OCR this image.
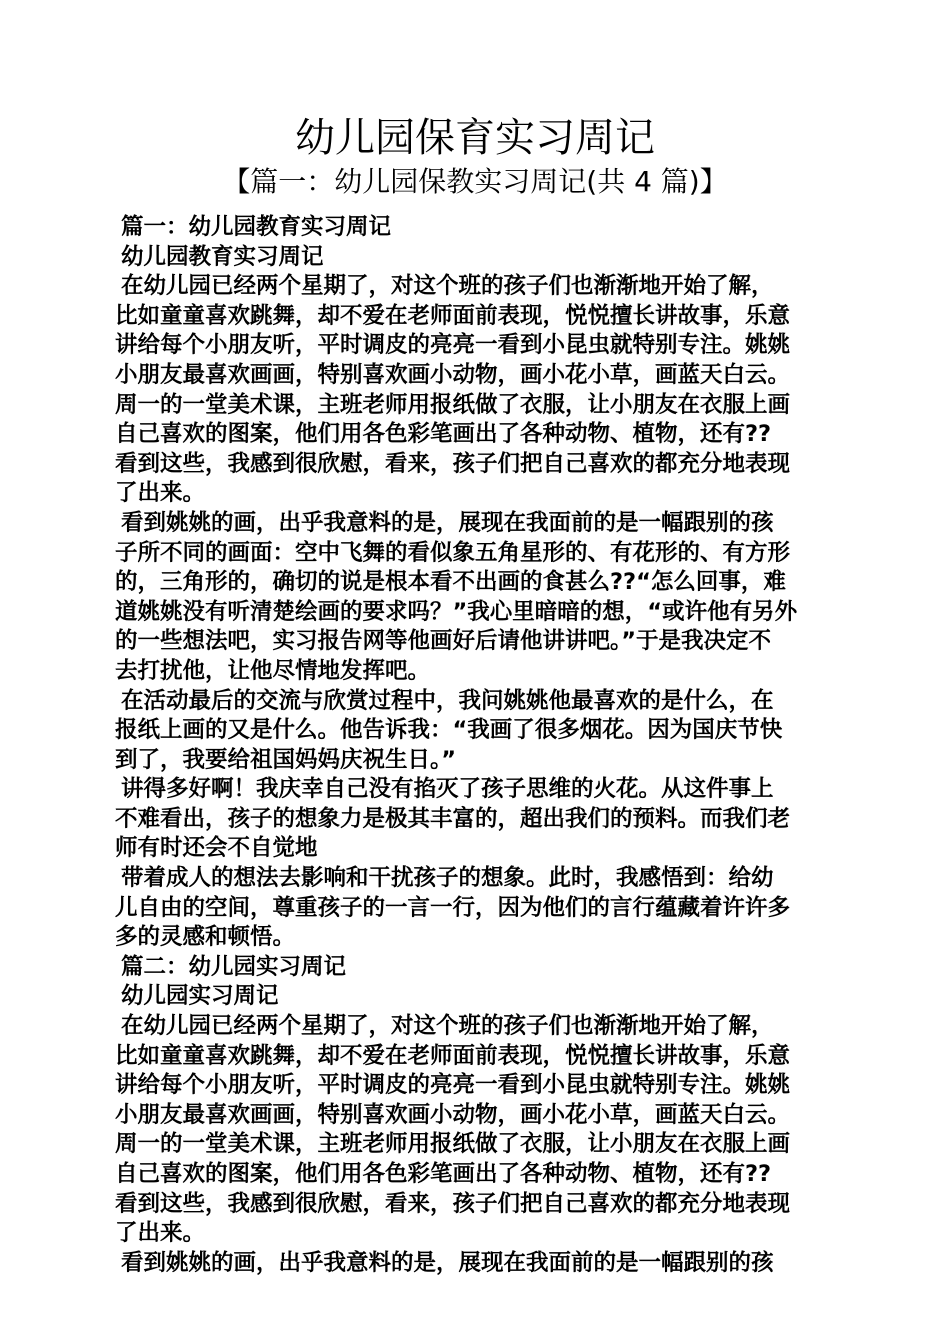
幼儿园保育实习周记
【篇一：幼儿园保教实习周记(共 4 篇)】
篇一：幼儿园教育实习周记
幼儿园教育实习周记
在幼儿园已经两个星期了，对这个班的孩子们也渐渐地开始了解，
比如童童喜欢跳舞，却不爱在老师面前表现，悦悦擅长讲故事，乐意
讲给每个小朋友听，平时调皮的亮亮一看到小昆虫就特别专注。姚姚
小朋友最喜欢画画，特别喜欢画小动物，画小花小草，画蓝天白云。
周一的一堂美术课，主班老师用报纸做了衣服，让小朋友在衣服上画
自己喜欢的图案，他们用各色彩笔画出了各种动物、植物，还有??
看到这些，我感到很欣慰，看来，孩子们把自己喜欢的都充分地表现
了出来。
看到姚姚的画，出乎我意料的是，展现在我面前的是一幅跟别的孩
子所不同的画面：空中飞舞的看似象五角星形的、有花形的、有方形
的，三角形的，确切的说是根本看不出画的食甚么??“怎么回事，难
道姚姚没有听清楚绘画的要求吗？”我心里暗暗的想，“或许他有另外
的一些想法吧，实习报告网等他画好后请他讲讲吧。”于是我决定不
去打扰他，让他尽情地发挥吧。
在活动最后的交流与欣赏过程中，我问姚姚他最喜欢的是什么，在
报纸上画的又是什么。他告诉我：“我画了很多烟花。因为国庆节快
到了，我要给祖国妈妈庆祝生日。”
讲得多好啊！我庆幸自己没有掐灭了孩子思维的火花。从这件事上
不难看出，孩子的想象力是极其丰富的，超出我们的预料。而我们老
师有时还会不自觉地
带着成人的想法去影响和干扰孩子的想象。此时，我感悟到：给幼
儿自由的空间，尊重孩子的一言一行，因为他们的言行蕴藏着许许多
多的灵感和顿悟。
篇二：幼儿园实习周记
幼儿园实习周记
在幼儿园已经两个星期了，对这个班的孩子们也渐渐地开始了解，
比如童童喜欢跳舞，却不爱在老师面前表现，悦悦擅长讲故事，乐意
讲给每个小朋友听，平时调皮的亮亮一看到小昆虫就特别专注。姚姚
小朋友最喜欢画画，特别喜欢画小动物，画小花小草，画蓝天白云。
周一的一堂美术课，主班老师用报纸做了衣服，让小朋友在衣服上画
自己喜欢的图案，他们用各色彩笔画出了各种动物、植物，还有??
看到这些，我感到很欣慰，看来，孩子们把自己喜欢的都充分地表现
了出来。
看到姚姚的画，出乎我意料的是，展现在我面前的是一幅跟别的孩
